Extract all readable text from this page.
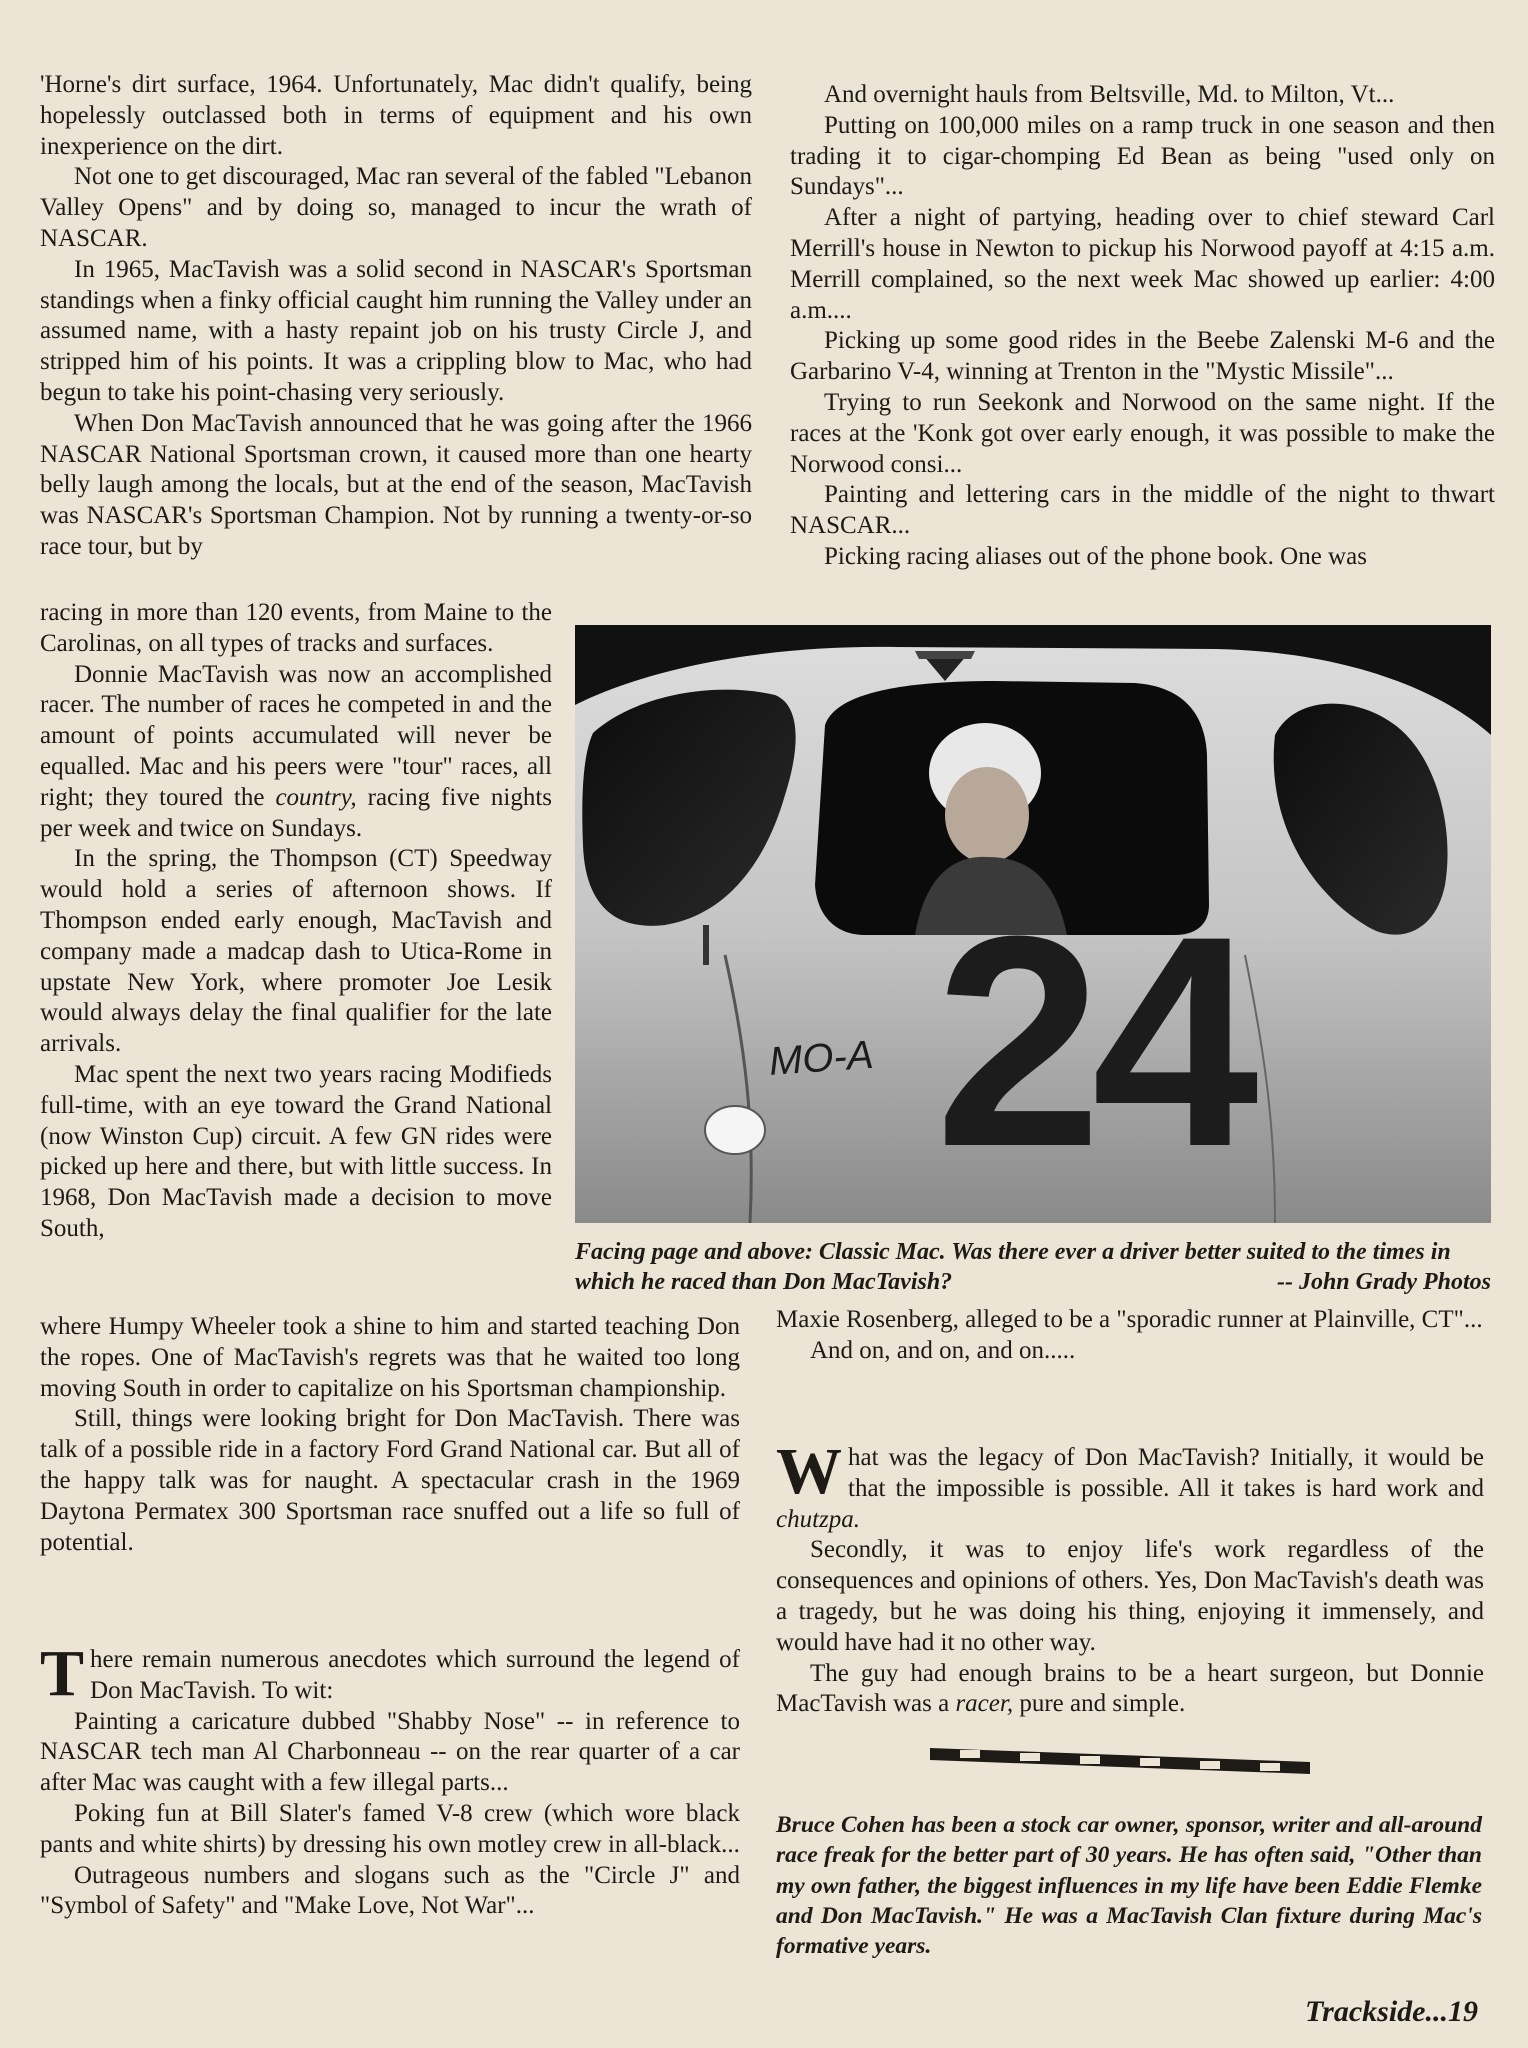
'Horne's dirt surface, 1964. Unfortunately, Mac didn't qualify, being hopelessly outclassed both in terms of equipment and his own inexperience on the dirt.

Not one to get discouraged, Mac ran several of the fabled "Lebanon Valley Opens" and by doing so, managed to incur the wrath of NASCAR.

In 1965, MacTavish was a solid second in NASCAR's Sportsman standings when a finky official caught him running the Valley under an assumed name, with a hasty repaint job on his trusty Circle J, and stripped him of his points. It was a crippling blow to Mac, who had begun to take his point-chasing very seriously.

When Don MacTavish announced that he was going after the 1966 NASCAR National Sportsman crown, it caused more than one hearty belly laugh among the locals, but at the end of the season, MacTavish was NASCAR's Sportsman Champion. Not by running a twenty-or-so race tour, but by

racing in more than 120 events, from Maine to the Carolinas, on all types of tracks and surfaces.

Donnie MacTavish was now an accomplished racer. The number of races he competed in and the amount of points accumulated will never be equalled. Mac and his peers were "tour" races, all right; they toured the country, racing five nights per week and twice on Sundays.

In the spring, the Thompson (CT) Speedway would hold a series of afternoon shows. If Thompson ended early enough, MacTavish and company made a madcap dash to Utica-Rome in upstate New York, where promoter Joe Lesik would always delay the final qualifier for the late arrivals.

Mac spent the next two years racing Modifieds full-time, with an eye toward the Grand National (now Winston Cup) circuit. A few GN rides were picked up here and there, but with little success. In 1968, Don MacTavish made a decision to move South,

where Humpy Wheeler took a shine to him and started teaching Don the ropes. One of MacTavish's regrets was that he waited too long moving South in order to capitalize on his Sportsman championship.

Still, things were looking bright for Don MacTavish. There was talk of a possible ride in a factory Ford Grand National car. But all of the happy talk was for naught. A spectacular crash in the 1969 Daytona Permatex 300 Sportsman race snuffed out a life so full of potential.

There remain numerous anecdotes which surround the legend of Don MacTavish. To wit:

Painting a caricature dubbed "Shabby Nose" -- in reference to NASCAR tech man Al Charbonneau -- on the rear quarter of a car after Mac was caught with a few illegal parts...

Poking fun at Bill Slater's famed V-8 crew (which wore black pants and white shirts) by dressing his own motley crew in all-black...

Outrageous numbers and slogans such as the "Circle J" and "Symbol of Safety" and "Make Love, Not War"...

And overnight hauls from Beltsville, Md. to Milton, Vt...

Putting on 100,000 miles on a ramp truck in one season and then trading it to cigar-chomping Ed Bean as being "used only on Sundays"...

After a night of partying, heading over to chief steward Carl Merrill's house in Newton to pickup his Norwood payoff at 4:15 a.m. Merrill complained, so the next week Mac showed up earlier: 4:00 a.m....

Picking up some good rides in the Beebe Zalenski M-6 and the Garbarino V-4, winning at Trenton in the "Mystic Missile"...

Trying to run Seekonk and Norwood on the same night. If the races at the 'Konk got over early enough, it was possible to make the Norwood consi...

Painting and lettering cars in the middle of the night to thwart NASCAR...

Picking racing aliases out of the phone book. One was

24
MO-A
Facing page and above: Classic Mac. Was there ever a driver better suited to the times in which he raced than Don MacTavish?	-- John Grady Photos

Maxie Rosenberg, alleged to be a "sporadic runner at Plainville, CT"...

And on, and on, and on.....

What was the legacy of Don MacTavish? Initially, it would be that the impossible is possible. All it takes is hard work and chutzpa.

Secondly, it was to enjoy life's work regardless of the consequences and opinions of others. Yes, Don MacTavish's death was a tragedy, but he was doing his thing, enjoying it immensely, and would have had it no other way.

The guy had enough brains to be a heart surgeon, but Donnie MacTavish was a racer, pure and simple.

Bruce Cohen has been a stock car owner, sponsor, writer and all-around race freak for the better part of 30 years. He has often said, "Other than my own father, the biggest influences in my life have been Eddie Flemke and Don MacTavish." He was a MacTavish Clan fixture during Mac's formative years.

Trackside...19
